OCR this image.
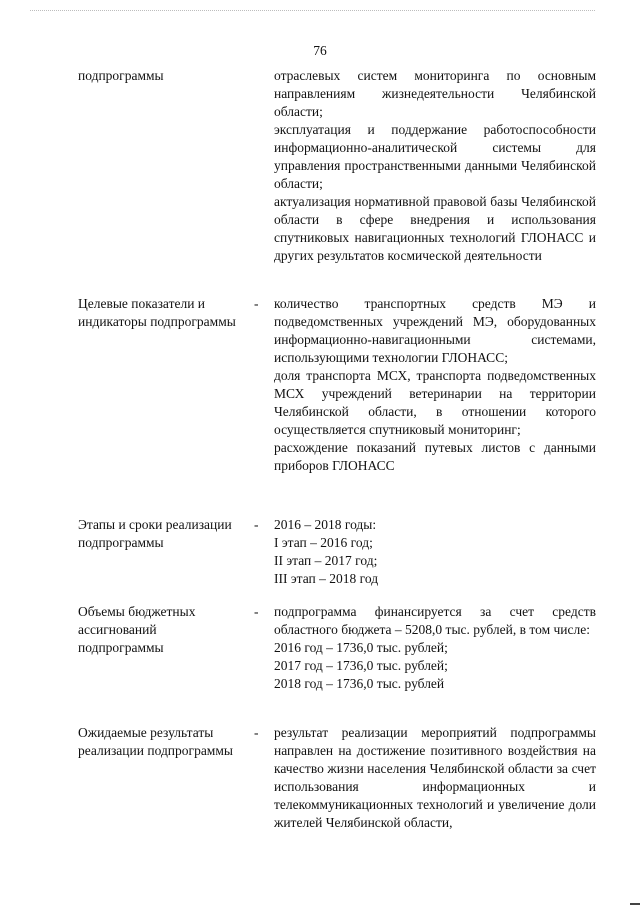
76
подпрограммы	отраслевых систем мониторинга по основным направлениям жизнедеятельности Челябинской области;
эксплуатация и поддержание работоспособности информационно-аналитической системы для управления пространственными данными Челябинской области;
актуализация нормативной правовой базы Челябинской области в сфере внедрения и использования спутниковых навигационных технологий ГЛОНАСС и других результатов космической деятельности
Целевые показатели и индикаторы подпрограммы
- количество транспортных средств МЭ и подведомственных учреждений МЭ, оборудованных информационно-навигационными системами, использующими технологии ГЛОНАСС;
доля транспорта МСХ, транспорта подведомственных МСХ учреждений ветеринарии на территории Челябинской области, в отношении которого осуществляется спутниковый мониторинг;
расхождение показаний путевых листов с данными приборов ГЛОНАСС
Этапы и сроки реализации подпрограммы
- 2016 – 2018 годы:
I этап – 2016 год;
II этап – 2017 год;
III этап – 2018 год
Объемы бюджетных ассигнований подпрограммы
- подпрограмма финансируется за счет средств областного бюджета – 5208,0 тыс. рублей, в том числе:
2016 год – 1736,0 тыс. рублей;
2017 год – 1736,0 тыс. рублей;
2018 год – 1736,0 тыс. рублей
Ожидаемые результаты реализации подпрограммы
- результат реализации мероприятий подпрограммы направлен на достижение позитивного воздействия на качество жизни населения Челябинской области за счет использования информационных и телекоммуникационных технологий и увеличение доли жителей Челябинской области,
